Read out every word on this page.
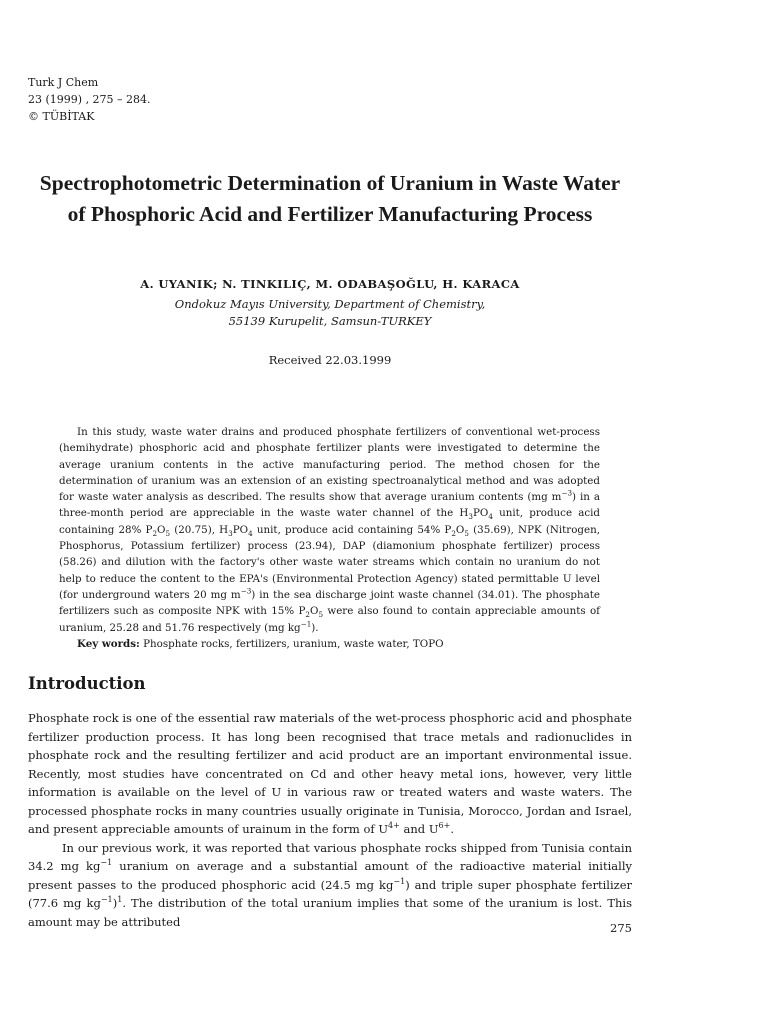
Turk J Chem
23 (1999) , 275 – 284.
© TÜBİTAK
Spectrophotometric Determination of Uranium in Waste Water of Phosphoric Acid and Fertilizer Manufacturing Process
A. UYANIK; N. TINKILIÇ, M. ODABAŞOĞLU, H. KARACA
Ondokuz Mayıs University, Department of Chemistry,
55139 Kurupelit, Samsun-TURKEY
Received 22.03.1999

In this study, waste water drains and produced phosphate fertilizers of conventional wet-process (hemihydrate) phosphoric acid and phosphate fertilizer plants were investigated to determine the average uranium contents in the active manufacturing period. The method chosen for the determination of uranium was an extension of an existing spectroanalytical method and was adopted for waste water analysis as described. The results show that average uranium contents (mg $m^{-3}$) in a three-month period are appreciable in the waste water channel of the $H_3PO_4$ unit, produce acid containing 28% $P_2O_5$ (20.75), $H_3PO_4$ unit, produce acid containing 54% $P_2O_5$ (35.69), NPK (Nitrogen, Phosphorus, Potassium fertilizer) process (23.94), DAP (diamonium phosphate fertilizer) process (58.26) and dilution with the factory's other waste water streams which contain no uranium do not help to reduce the content to the EPA's (Environmental Protection Agency) stated permittable U level (for underground waters 20 mg $m^{-3}$) in the sea discharge joint waste channel (34.01). The phosphate fertilizers such as composite NPK with 15% $P_2O_5$ were also found to contain appreciable amounts of uranium, 25.28 and 51.76 respectively (mg $kg^{-1}$).

Key words: Phosphate rocks, fertilizers, uranium, waste water, TOPO
Introduction

Phosphate rock is one of the essential raw materials of the wet-process phosphoric acid and phosphate fertilizer production process. It has long been recognised that trace metals and radionuclides in phosphate rock and the resulting fertilizer and acid product are an important environmental issue. Recently, most studies have concentrated on Cd and other heavy metal ions, however, very little information is available on the level of U in various raw or treated waters and waste waters. The processed phosphate rocks in many countries usually originate in Tunisia, Morocco, Jordan and Israel, and present appreciable amounts of urainum in the form of $U^{4+}$ and $U^{6+}$.

In our previous work, it was reported that various phosphate rocks shipped from Tunisia contain 34.2 mg $kg^{-1}$ uranium on average and a substantial amount of the radioactive material initially present passes to the produced phosphoric acid (24.5 mg $kg^{-1}$) and triple super phosphate fertilizer (77.6 mg $kg^{-1})^1$. The distribution of the total uranium implies that some of the uranium is lost. This amount may be attributed	275
